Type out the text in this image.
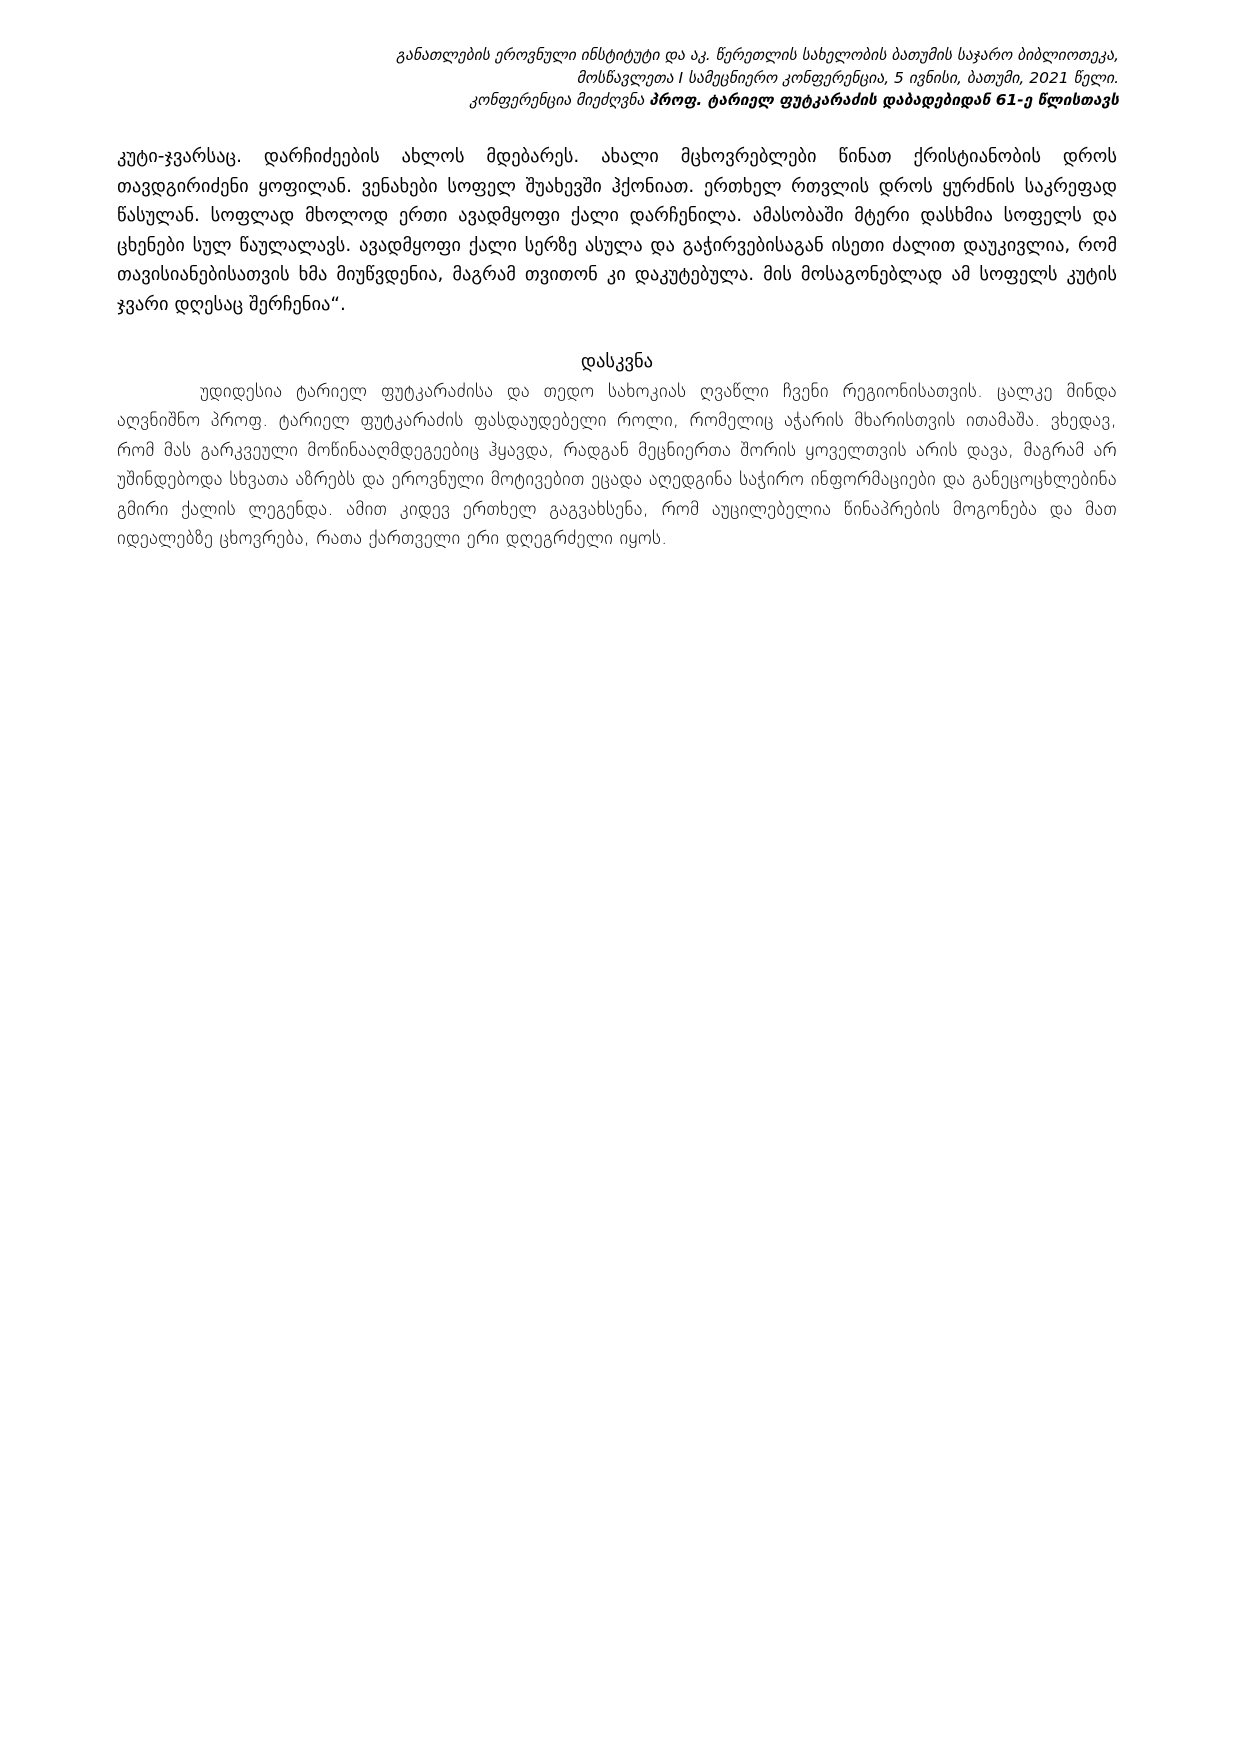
განათლების ეროვნული ინსტიტუტი და აკ. წერეთლის სახელობის ბათუმის საჯარო ბიბლიოთეკა,
მოსწავლეთა I სამეცნიერო კონფერენცია, 5 ივნისი, ბათუმი, 2021 წელი.
კონფერენცია მიეძღვნა პროფ. ტარიელ ფუტკარაძის დაბადებიდან 61-ე წლისთავს

კუტი-ჯვარსაც. დარჩიძეების ახლოს მდებარეს. ახალი მცხოვრებლები წინათ ქრისტიანობის დროს თავდგირიძენი ყოფილან. ვენახები სოფელ შუახევში ჰქონიათ. ერთხელ რთვლის დროს ყურძნის საკრეფად წასულან. სოფლად მხოლოდ ერთი ავადმყოფი ქალი დარჩენილა. ამასობაში მტერი დასხმია სოფელს და ცხენები სულ წაულალავს. ავადმყოფი ქალი სერზე ასულა და გაჭირვებისაგან ისეთი ძალით დაუკივლია, რომ თავისიანებისათვის ხმა მიუწვდენია, მაგრამ თვითონ კი დაკუტებულა. მის მოსაგონებლად ამ სოფელს კუტის ჯვარი დღესაც შერჩენია“.

დასკვნა

უდიდესია ტარიელ ფუტკარაძისა და თედო სახოკიას ღვაწლი ჩვენი რეგიონისათვის. ცალკე მინდა აღვნიშნო პროფ. ტარიელ ფუტკარაძის ფასდაუდებელი როლი, რომელიც აჭარის მხარისთვის ითამაშა. ვხედავ, რომ მას გარკვეული მოწინააღმდეგეებიც ჰყავდა, რადგან მეცნიერთა შორის ყოველთვის არის დავა, მაგრამ არ უშინდებოდა სხვათა აზრებს და ეროვნული მოტივებით ეცადა აღედგინა საჭირო ინფორმაციები და განეცოცხლებინა გმირი ქალის ლეგენდა. ამით კიდევ ერთხელ გაგვახსენა, რომ აუცილებელია წინაპრების მოგონება და მათ იდეალებზე ცხოვრება, რათა ქართველი ერი დღეგრძელი იყოს.
